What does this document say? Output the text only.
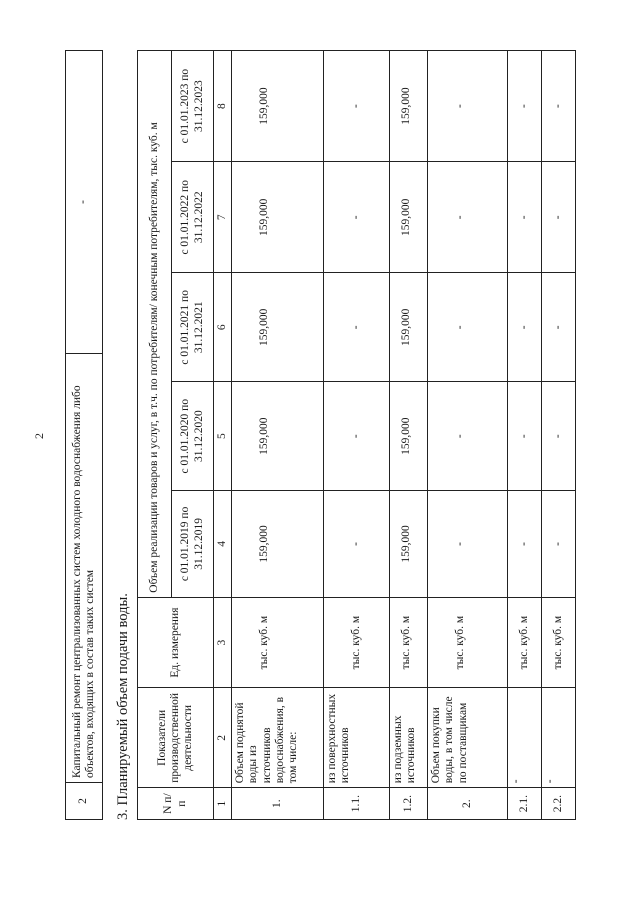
2
2	Капитальный ремонт централизованных систем холодного водоснабжения либо объектов, входящих в состав таких систем	-
3. Планируемый объем подачи воды.	N п/п	Показатели производственной деятельности	Ед. измерения	Объем реализации товаров и услуг, в т.ч. по потребителям/ конечным потребителям, тыс. куб. м				
			с 01.01.2019 по 31.12.2019	с 01.01.2020 по 31.12.2020	с 01.01.2021 по 31.12.2021	с 01.01.2022 по 31.12.2022	с 01.01.2023 по 31.12.2023
1	2	3	4	5	6	7	8
1.	Объем поднятой воды из источников водоснабжения, в том числе:	тыс. куб. м	159,000	159,000	159,000	159,000	159,000
1.1.	из поверхностных источников	тыс. куб. м	-	-	-	-	-
1.2.	из подземных источников	тыс. куб. м	159,000	159,000	159,000	159,000	159,000
2.	Объем покупки воды, в том числе по поставщикам	тыс. куб. м	-	-	-	-	-
2.1.	-	тыс. куб. м	-	-	-	-	-
2.2.	-	тыс. куб. м	-	-	-	-	-
